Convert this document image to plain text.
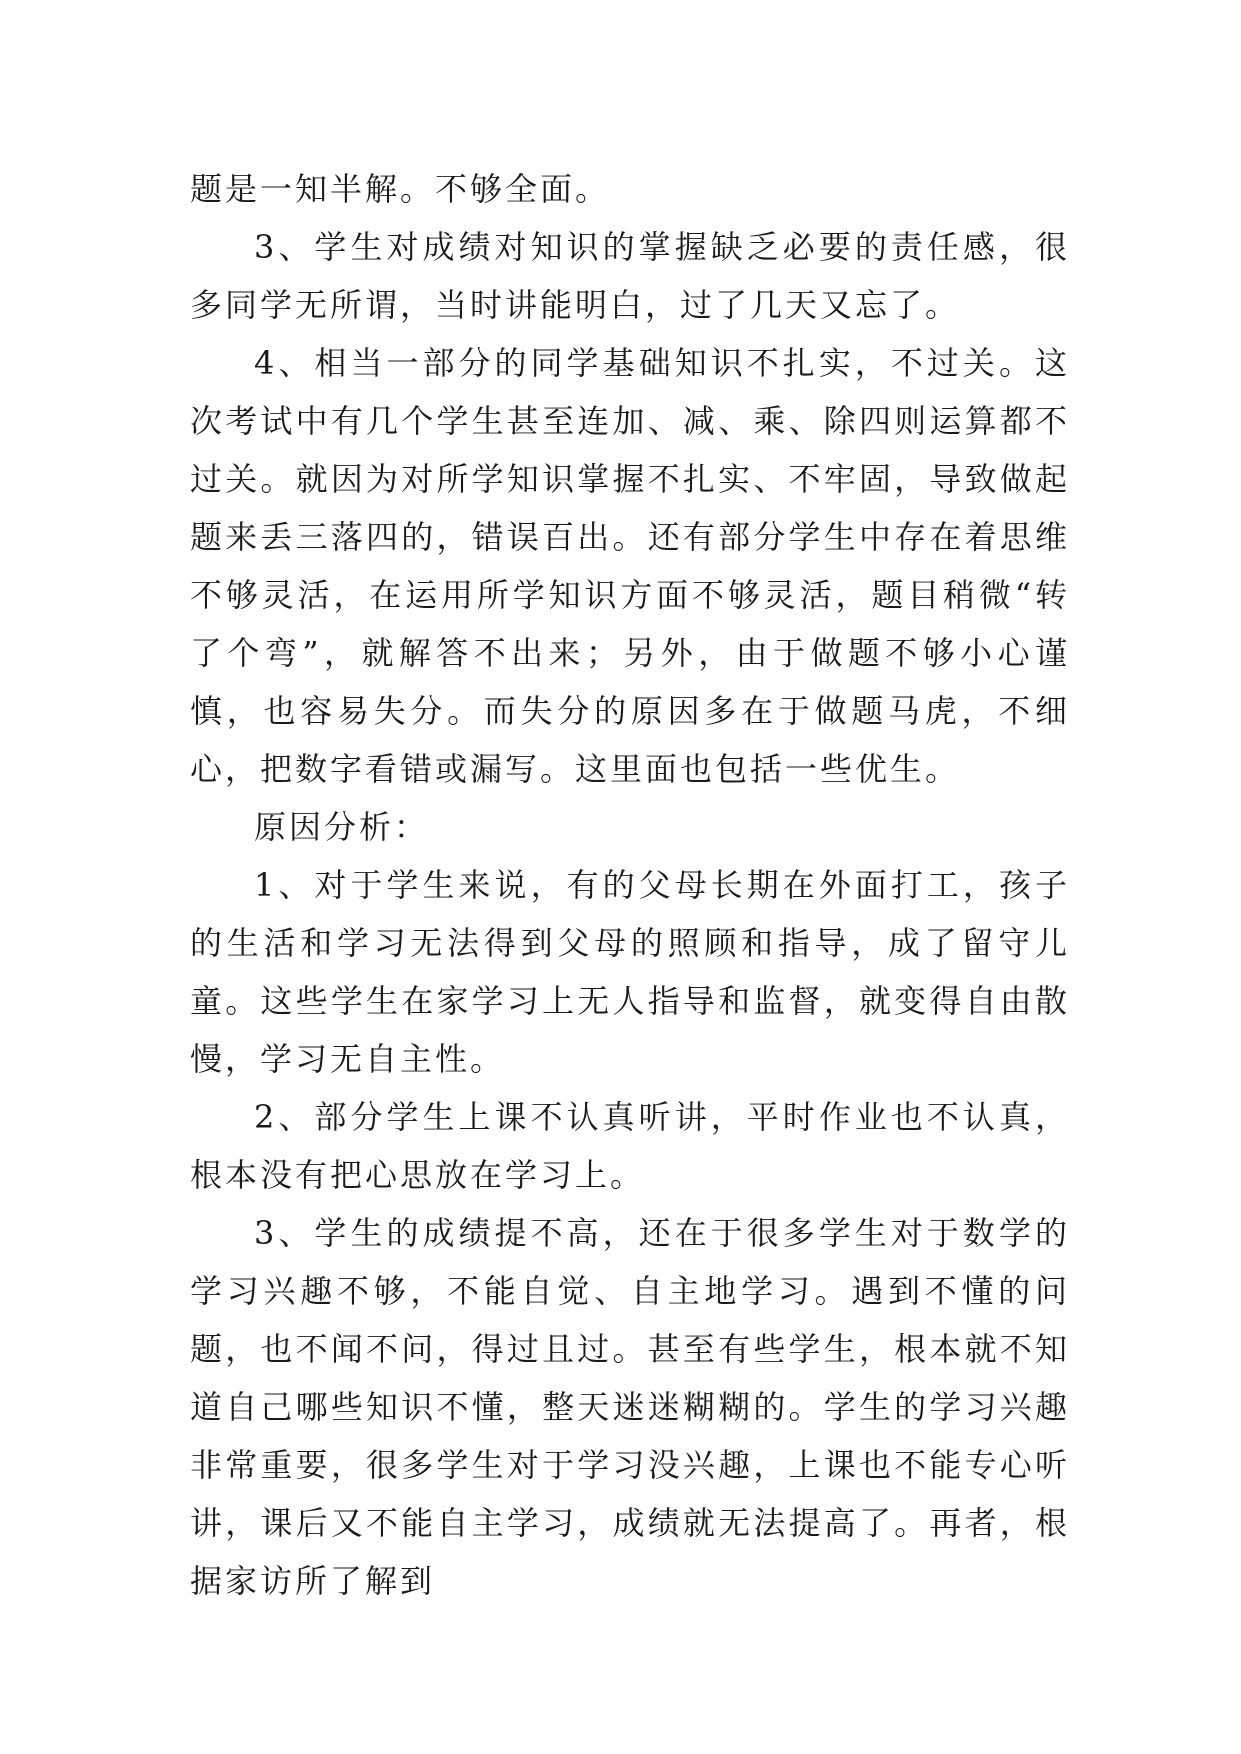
题是一知半解。不够全面。

3、学生对成绩对知识的掌握缺乏必要的责任感，很多同学无所谓，当时讲能明白，过了几天又忘了。

4、相当一部分的同学基础知识不扎实，不过关。这次考试中有几个学生甚至连加、减、乘、除四则运算都不过关。就因为对所学知识掌握不扎实、不牢固，导致做起题来丢三落四的，错误百出。还有部分学生中存在着思维不够灵活，在运用所学知识方面不够灵活，题目稍微“转了个弯”，就解答不出来；另外，由于做题不够小心谨慎，也容易失分。而失分的原因多在于做题马虎，不细心，把数字看错或漏写。这里面也包括一些优生。

原因分析：

1、对于学生来说，有的父母长期在外面打工，孩子的生活和学习无法得到父母的照顾和指导，成了留守儿童。这些学生在家学习上无人指导和监督，就变得自由散慢，学习无自主性。

2、部分学生上课不认真听讲，平时作业也不认真，根本没有把心思放在学习上。

3、学生的成绩提不高，还在于很多学生对于数学的学习兴趣不够，不能自觉、自主地学习。遇到不懂的问题，也不闻不问，得过且过。甚至有些学生，根本就不知道自己哪些知识不懂，整天迷迷糊糊的。学生的学习兴趣非常重要，很多学生对于学习没兴趣，上课也不能专心听讲，课后又不能自主学习，成绩就无法提高了。再者，根据家访所了解到
